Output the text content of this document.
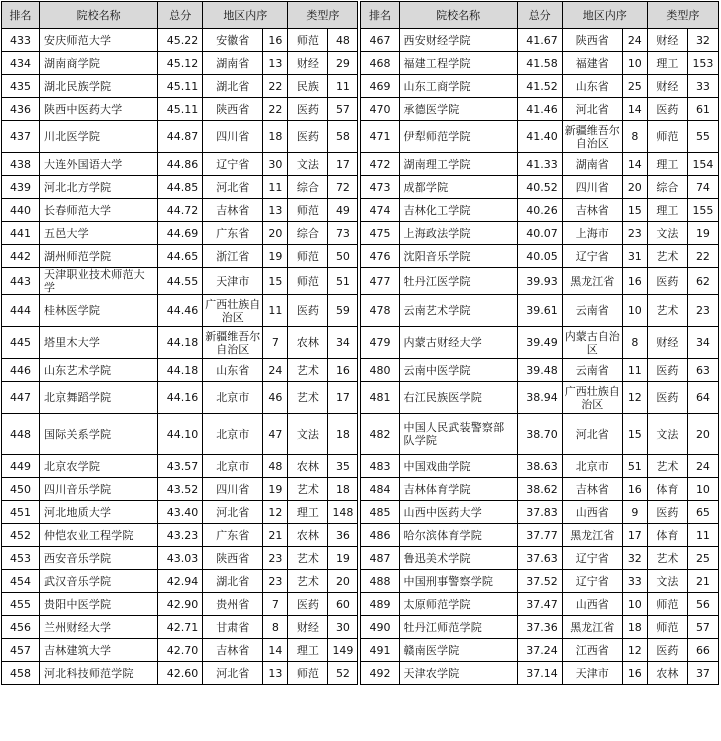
排名	院校名称	总分	地区内序		类型序			排名	院校名称	总分	地区内序		类型序	
433	安庆师范大学	45.22	安徽省	16	师范	48		467	西安财经学院	41.67	陕西省	24	财经	32
434	湖南商学院	45.12	湖南省	13	财经	29		468	福建工程学院	41.58	福建省	10	理工	153
435	湖北民族学院	45.11	湖北省	22	民族	11		469	山东工商学院	41.52	山东省	25	财经	33
436	陕西中医药大学	45.11	陕西省	22	医药	57		470	承德医学院	41.46	河北省	14	医药	61
437	川北医学院	44.87	四川省	18	医药	58		471	伊犁师范学院	41.40	新疆维吾尔自治区	8	师范	55
438	大连外国语大学	44.86	辽宁省	30	文法	17		472	湖南理工学院	41.33	湖南省	14	理工	154
439	河北北方学院	44.85	河北省	11	综合	72		473	成都学院	40.52	四川省	20	综合	74
440	长春师范大学	44.72	吉林省	13	师范	49		474	吉林化工学院	40.26	吉林省	15	理工	155
441	五邑大学	44.69	广东省	20	综合	73		475	上海政法学院	40.07	上海市	23	文法	19
442	湖州师范学院	44.65	浙江省	19	师范	50		476	沈阳音乐学院	40.05	辽宁省	31	艺术	22
443	天津职业技术师范大学	44.55	天津市	15	师范	51		477	牡丹江医学院	39.93	黑龙江省	16	医药	62
444	桂林医学院	44.46	广西壮族自治区	11	医药	59		478	云南艺术学院	39.61	云南省	10	艺术	23
445	塔里木大学	44.18	新疆维吾尔自治区	7	农林	34		479	内蒙古财经大学	39.49	内蒙古自治区	8	财经	34
446	山东艺术学院	44.18	山东省	24	艺术	16		480	云南中医学院	39.48	云南省	11	医药	63
447	北京舞蹈学院	44.16	北京市	46	艺术	17		481	右江民族医学院	38.94	广西壮族自治区	12	医药	64
448	国际关系学院	44.10	北京市	47	文法	18		482	中国人民武装警察部队学院	38.70	河北省	15	文法	20
449	北京农学院	43.57	北京市	48	农林	35		483	中国戏曲学院	38.63	北京市	51	艺术	24
450	四川音乐学院	43.52	四川省	19	艺术	18		484	吉林体育学院	38.62	吉林省	16	体育	10
451	河北地质大学	43.40	河北省	12	理工	148		485	山西中医药大学	37.83	山西省	9	医药	65
452	仲恺农业工程学院	43.23	广东省	21	农林	36		486	哈尔滨体育学院	37.77	黑龙江省	17	体育	11
453	西安音乐学院	43.03	陕西省	23	艺术	19		487	鲁迅美术学院	37.63	辽宁省	32	艺术	25
454	武汉音乐学院	42.94	湖北省	23	艺术	20		488	中国刑事警察学院	37.52	辽宁省	33	文法	21
455	贵阳中医学院	42.90	贵州省	7	医药	60		489	太原师范学院	37.47	山西省	10	师范	56
456	兰州财经大学	42.71	甘肃省	8	财经	30		490	牡丹江师范学院	37.36	黑龙江省	18	师范	57
457	吉林建筑大学	42.70	吉林省	14	理工	149		491	赣南医学院	37.24	江西省	12	医药	66
458	河北科技师范学院	42.60	河北省	13	师范	52		492	天津农学院	37.14	天津市	16	农林	37
